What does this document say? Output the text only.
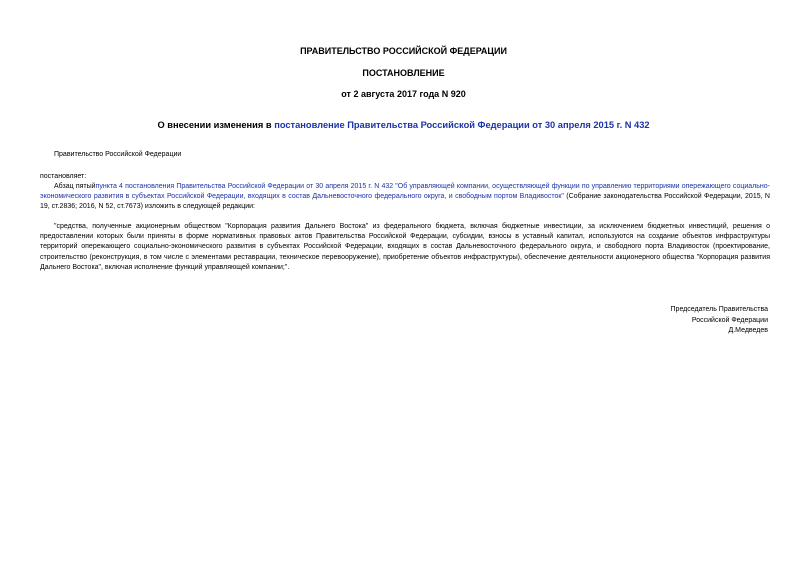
ПРАВИТЕЛЬСТВО РОССИЙСКОЙ ФЕДЕРАЦИИ
ПОСТАНОВЛЕНИЕ
от 2 августа 2017 года N 920
О внесении изменения в постановление Правительства Российской Федерации от 30 апреля 2015 г. N 432
Правительство Российской Федерации
постановляет:
Абзац пятыйпункта 4 постановления Правительства Российской Федерации от 30 апреля 2015 г. N 432 "Об управляющей компании, осуществляющей функции по управлению территориями опережающего социально-экономического развития в субъектах Российской Федерации, входящих в состав Дальневосточного федерального округа, и свободным портом Владивосток" (Собрание законодательства Российской Федерации, 2015, N 19, ст.2836; 2016, N 52, ст.7673) изложить в следующей редакции:
"средства, полученные акционерным обществом "Корпорация развития Дальнего Востока" из федерального бюджета, включая бюджетные инвестиции, за исключением бюджетных инвестиций, решения о предоставлении которых были приняты в форме нормативных правовых актов Правительства Российской Федерации, субсидии, взносы в уставный капитал, используются на создание объектов инфраструктуры территорий опережающего социально-экономического развития в субъектах Российской Федерации, входящих в состав Дальневосточного федерального округа, и свободного порта Владивосток (проектирование, строительство (реконструкция, в том числе с элементами реставрации, техническое перевооружение), приобретение объектов инфраструктуры), обеспечение деятельности акционерного общества "Корпорация развития Дальнего Востока", включая исполнение функций управляющей компании;".
Председатель Правительства
Российской Федерации
Д.Медведев
